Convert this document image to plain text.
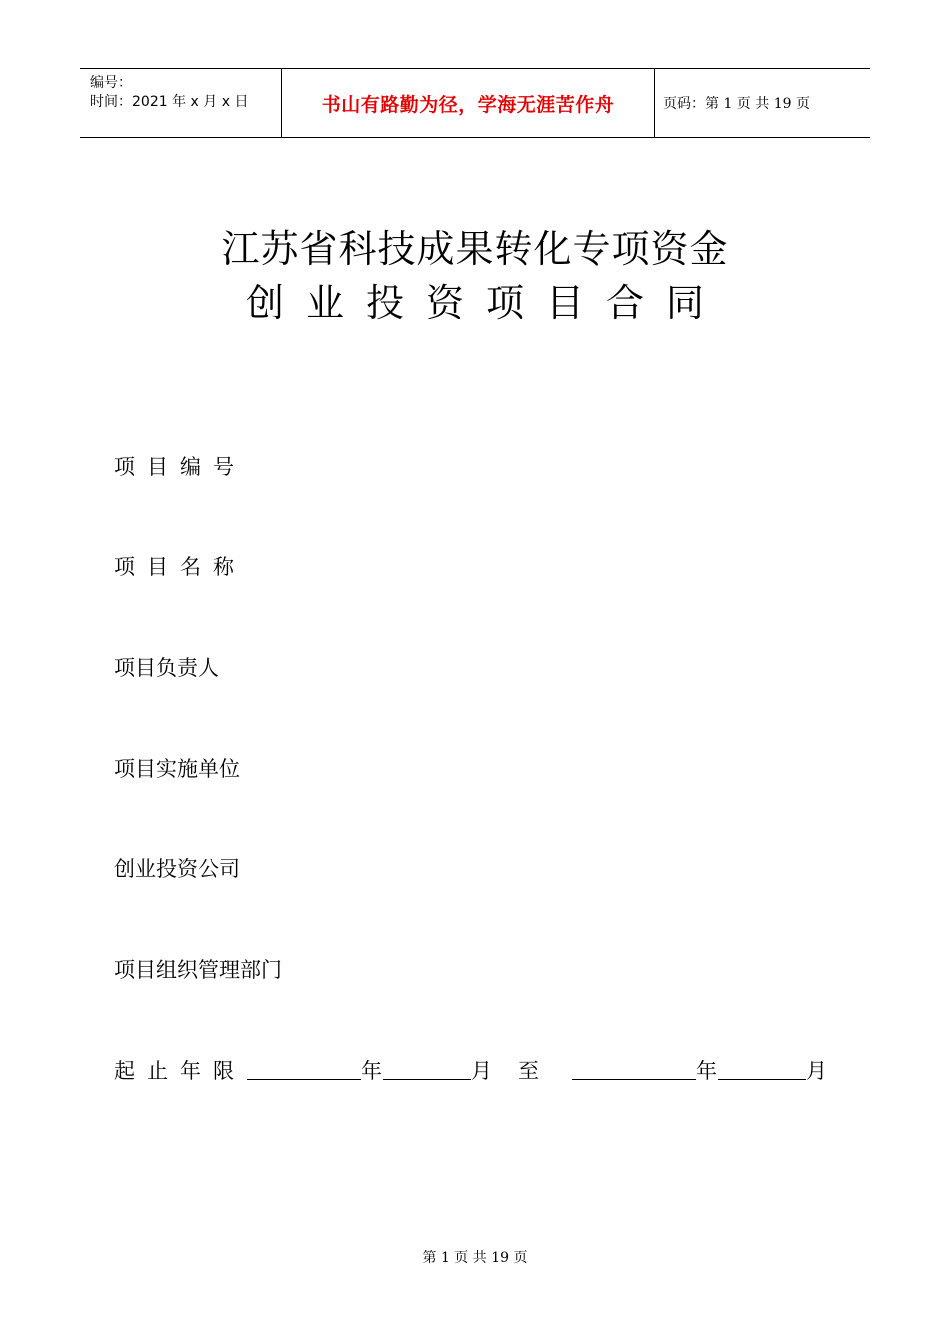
编号：
时间：2021 年 x 月 x 日	书山有路勤为径，学海无涯苦作舟	页码：第 1 页 共 19 页
江苏省科技成果转化专项资金
创业投资项目合同
项目编号
项目名称
项目负责人
项目实施单位
创业投资公司
项目组织管理部门
起止年限	年	月 至	年	月
第 1 页 共 19 页
